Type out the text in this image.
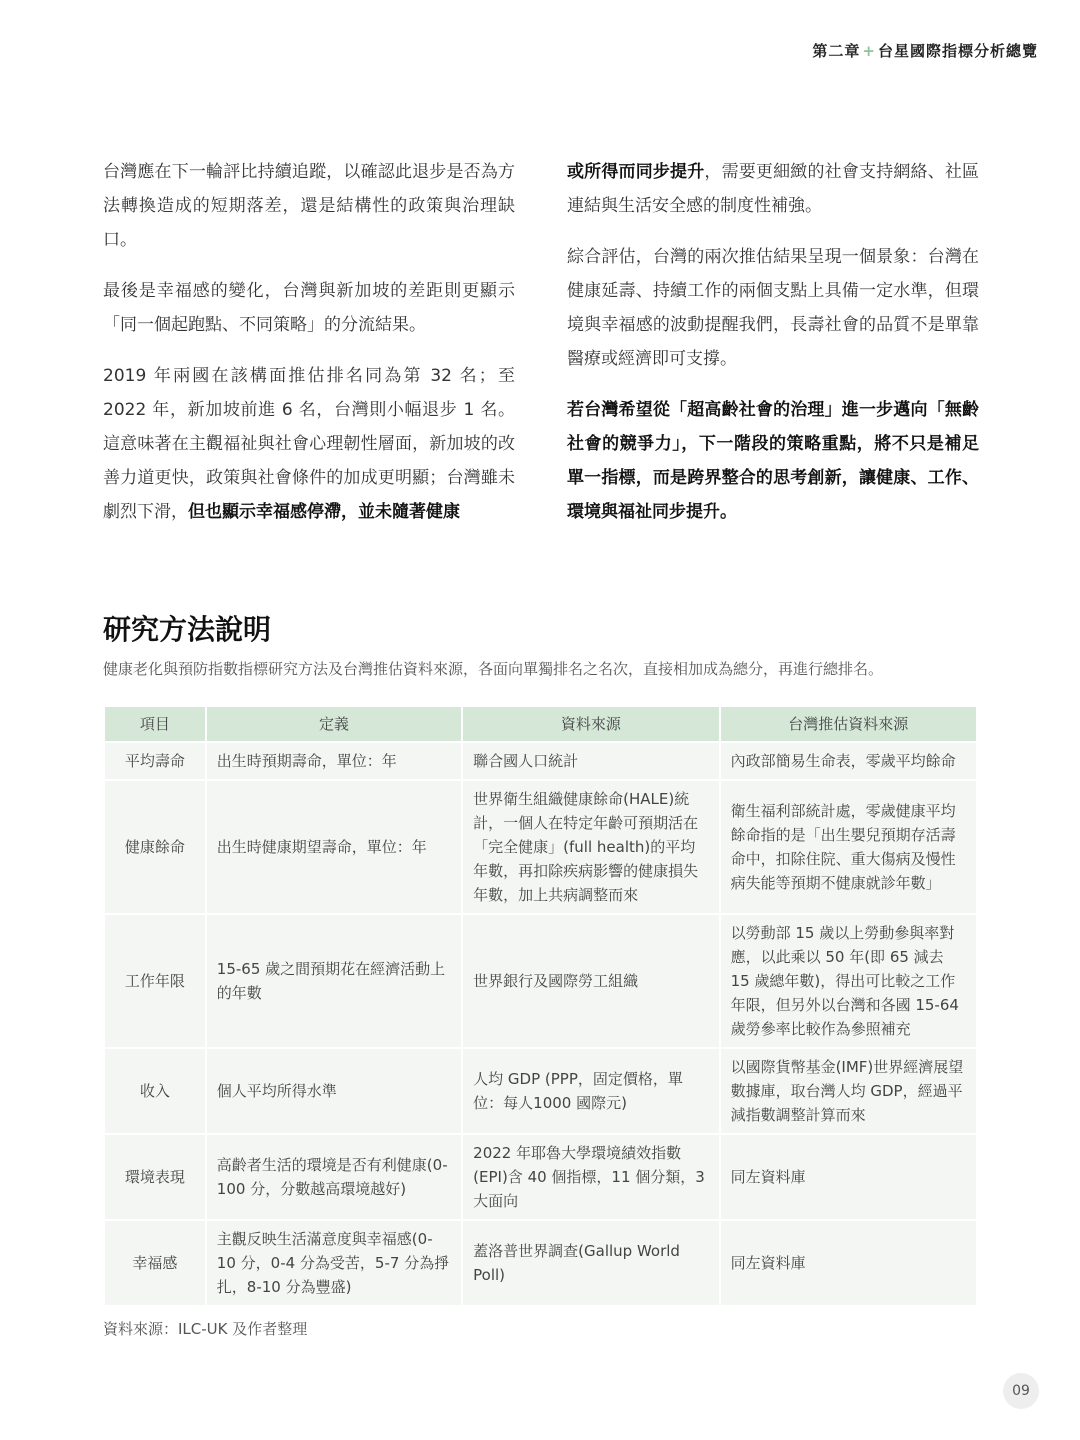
第二章 + 台星國際指標分析總覽

台灣應在下一輪評比持續追蹤，以確認此退步是否為方法轉換造成的短期落差，還是結構性的政策與治理缺口。

最後是幸福感的變化，台灣與新加坡的差距則更顯示「同一個起跑點、不同策略」的分流結果。

2019 年兩國在該構面推估排名同為第 32 名；至 2022 年，新加坡前進 6 名，台灣則小幅退步 1 名。這意味著在主觀福祉與社會心理韌性層面，新加坡的改善力道更快，政策與社會條件的加成更明顯；台灣雖未劇烈下滑，但也顯示幸福感停滯，並未隨著健康

或所得而同步提升，需要更細緻的社會支持網絡、社區連結與生活安全感的制度性補強。

綜合評估，台灣的兩次推估結果呈現一個景象：台灣在健康延壽、持續工作的兩個支點上具備一定水準，但環境與幸福感的波動提醒我們，長壽社會的品質不是單靠醫療或經濟即可支撐。

若台灣希望從「超高齡社會的治理」進一步邁向「無齡社會的競爭力」，下一階段的策略重點，將不只是補足單一指標，而是跨界整合的思考創新，讓健康、工作、環境與福祉同步提升。

研究方法說明

健康老化與預防指數指標研究方法及台灣推估資料來源，各面向單獨排名之名次，直接相加成為總分，再進行總排名。

項目	定義	資料來源	台灣推估資料來源
平均壽命	出生時預期壽命，單位：年	聯合國人口統計	內政部簡易生命表，零歲平均餘命
健康餘命	出生時健康期望壽命，單位：年	世界衛生組織健康餘命(HALE)統計，一個人在特定年齡可預期活在「完全健康」(full health)的平均年數，再扣除疾病影響的健康損失年數，加上共病調整而來	衛生福利部統計處，零歲健康平均餘命指的是「出生嬰兒預期存活壽命中，扣除住院、重大傷病及慢性病失能等預期不健康就診年數」
工作年限	15-65 歲之間預期花在經濟活動上的年數	世界銀行及國際勞工組織	以勞動部 15 歲以上勞動參與率對應，以此乘以 50 年(即 65 減去 15 歲總年數)，得出可比較之工作年限，但另外以台灣和各國 15-64 歲勞參率比較作為參照補充
收入	個人平均所得水準	人均 GDP (PPP，固定價格，單位：每人1000 國際元)	以國際貨幣基金(IMF)世界經濟展望數據庫，取台灣人均 GDP，經過平減指數調整計算而來
環境表現	高齡者生活的環境是否有利健康(0-100 分，分數越高環境越好)	2022 年耶魯大學環境績效指數(EPI)含 40 個指標，11 個分類，3 大面向	同左資料庫
幸福感	主觀反映生活滿意度與幸福感(0-10 分，0-4 分為受苦，5-7 分為掙扎，8-10 分為豐盛)	蓋洛普世界調查(Gallup World Poll)	同左資料庫

資料來源：ILC-UK 及作者整理

09
